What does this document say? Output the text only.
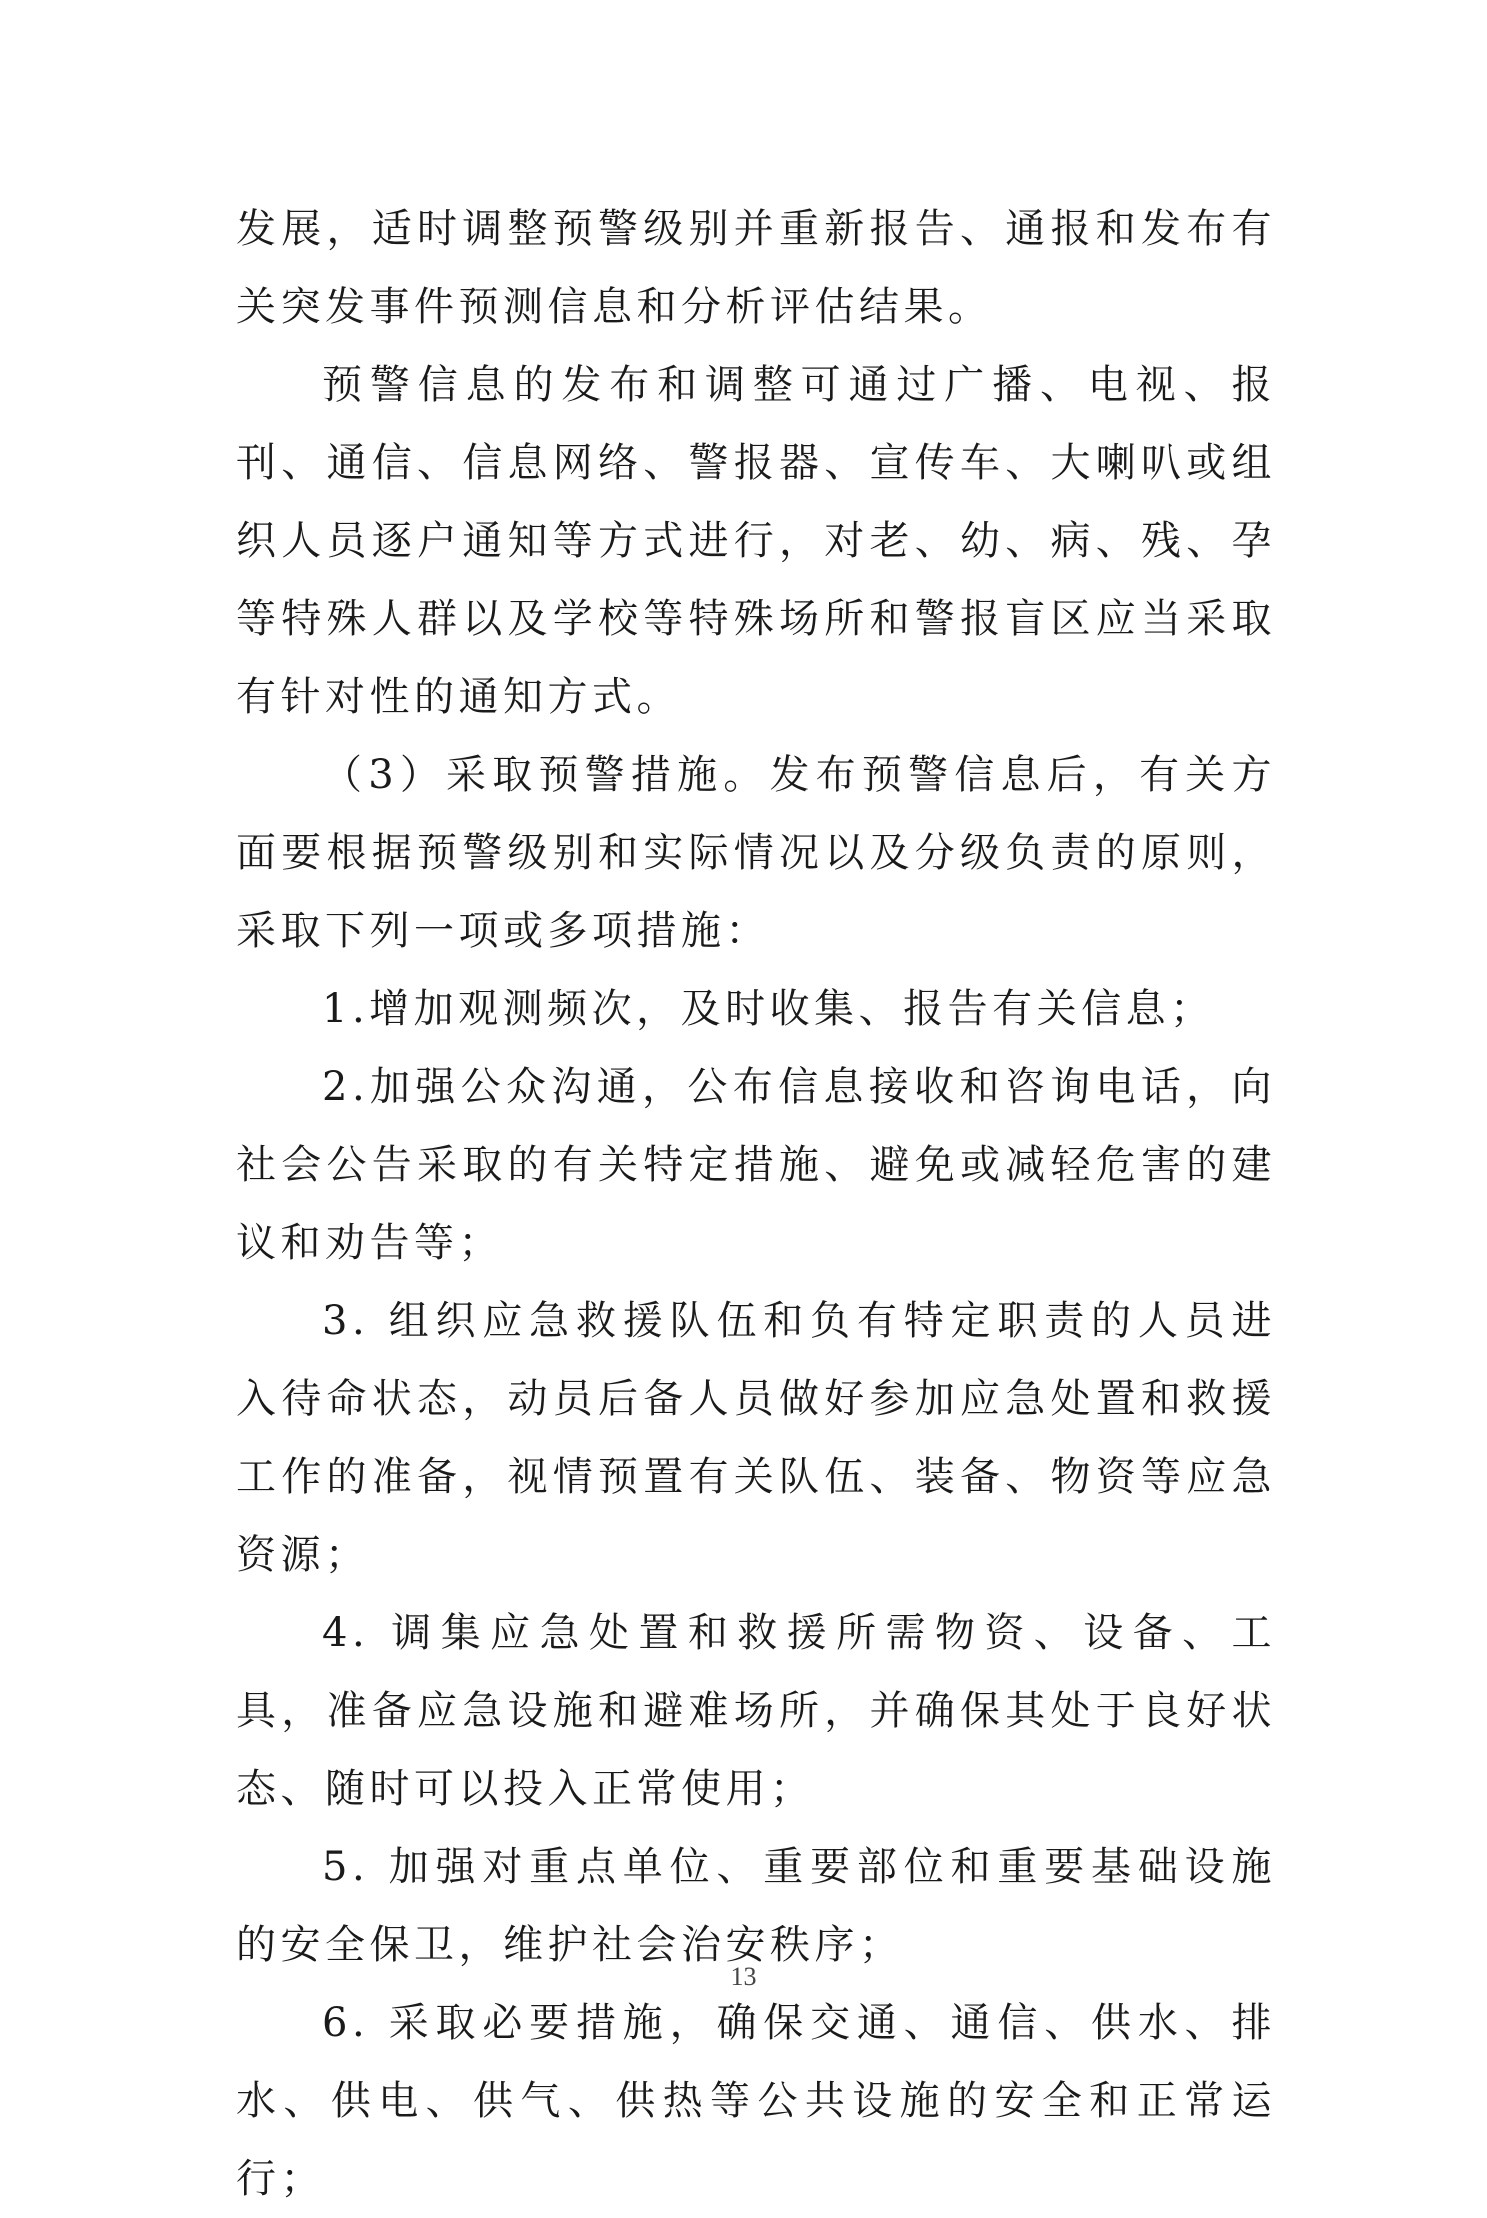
发展，适时调整预警级别并重新报告、通报和发布有关突发事件预测信息和分析评估结果。

预警信息的发布和调整可通过广播、电视、报刊、通信、信息网络、警报器、宣传车、大喇叭或组织人员逐户通知等方式进行，对老、幼、病、残、孕等特殊人群以及学校等特殊场所和警报盲区应当采取有针对性的通知方式。

（3）采取预警措施。发布预警信息后，有关方面要根据预警级别和实际情况以及分级负责的原则，采取下列一项或多项措施：

1.增加观测频次，及时收集、报告有关信息；

2.加强公众沟通，公布信息接收和咨询电话，向社会公告采取的有关特定措施、避免或减轻危害的建议和劝告等；

3. 组织应急救援队伍和负有特定职责的人员进入待命状态，动员后备人员做好参加应急处置和救援工作的准备，视情预置有关队伍、装备、物资等应急资源；

4. 调集应急处置和救援所需物资、设备、工具，准备应急设施和避难场所，并确保其处于良好状态、随时可以投入正常使用；

5. 加强对重点单位、重要部位和重要基础设施的安全保卫，维护社会治安秩序；

6. 采取必要措施，确保交通、通信、供水、排水、供电、供气、供热等公共设施的安全和正常运行；

13
